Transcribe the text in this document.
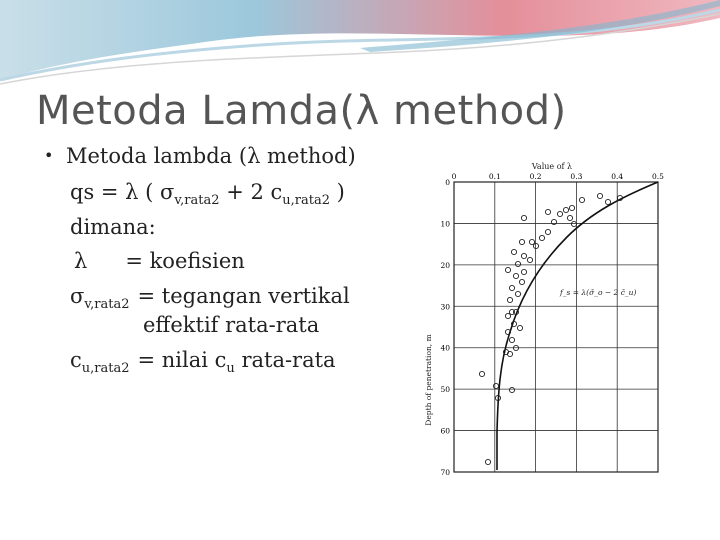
Metoda Lamda(λ method)
• Metoda lambda (λ method)
qs = λ ( $\sigma_{v,rata2} + 2$ $c_{u,rata2}$ )
dimana:
λ = koefisien
$\sigma_{v,rata2}$ = tegangan vertikal
effektif rata-rata
$c_{u,rata2}$ = nilai $c_u$ rata-rata
Value of λ
0	0.1	0.2	0.3	0.4	0.5
0
10
20
30
40
50
60
70
Depth of penetration, m
f_s = λ(σ̄_o − 2 c̄_u)
